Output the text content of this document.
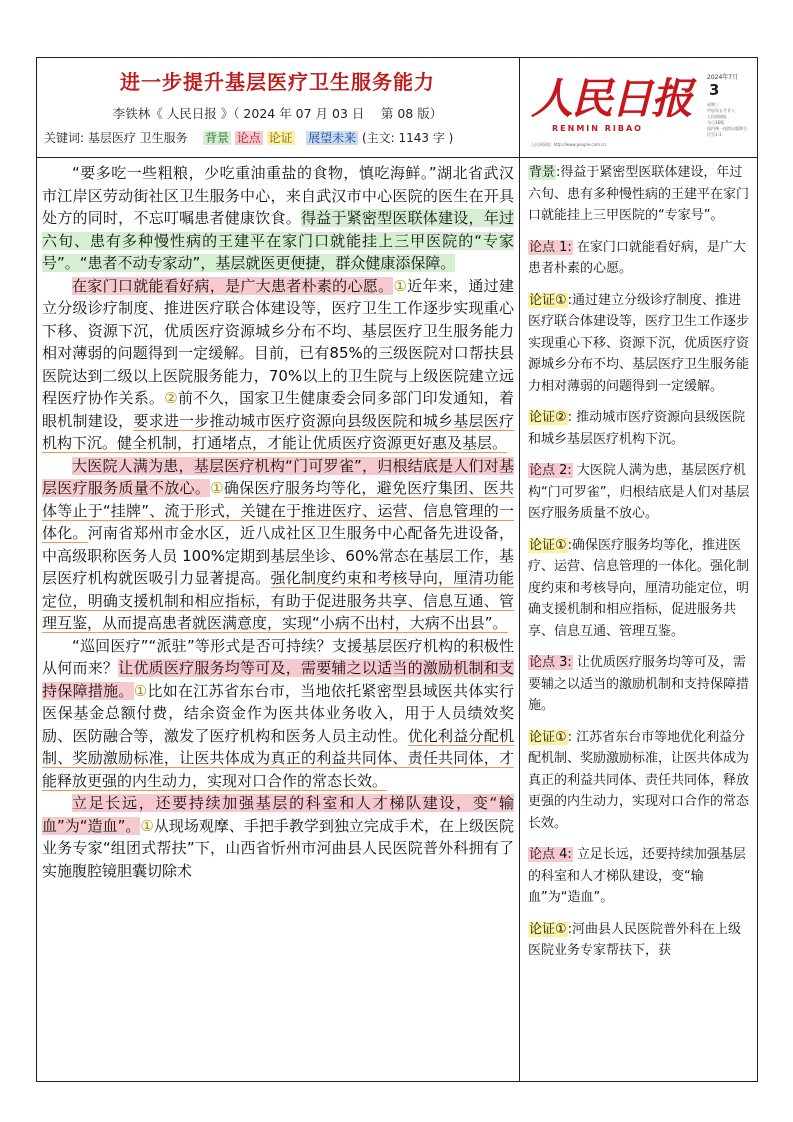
进一步提升基层医疗卫生服务能力
李铁林《 人民日报 》（ 2024 年 07 月 03 日　 第 08 版）
关键词: 基层医疗 卫生服务 背景 论点 论证 展望未来 (主文: 1143 字 )
人民日报
RENMIN RIBAO
2024年7月
3
星期三
甲辰年五月廿八
人民网网址
今日16版
国内统一连续出版物号
代号1-1
人民网网址: http://www.people.com.cn

“要多吃一些粗粮，少吃重油重盐的食物，慎吃海鲜。”湖北省武汉市江岸区劳动街社区卫生服务中心，来自武汉市中心医院的医生在开具处方的同时，不忘叮嘱患者健康饮食。得益于紧密型医联体建设，年过六旬、患有多种慢性病的王建平在家门口就能挂上三甲医院的“专家号”。“患者不动专家动”，基层就医更便捷，群众健康添保障。

在家门口就能看好病，是广大患者朴素的心愿。①近年来，通过建立分级诊疗制度、推进医疗联合体建设等，医疗卫生工作逐步实现重心下移、资源下沉，优质医疗资源城乡分布不均、基层医疗卫生服务能力相对薄弱的问题得到一定缓解。目前，已有85%的三级医院对口帮扶县医院达到二级以上医院服务能力，70%以上的卫生院与上级医院建立远程医疗协作关系。②前不久，国家卫生健康委会同多部门印发通知，着眼机制建设，要求进一步推动城市医疗资源向县级医院和城乡基层医疗机构下沉。健全机制，打通堵点，才能让优质医疗资源更好惠及基层。

大医院人满为患，基层医疗机构“门可罗雀”，归根结底是人们对基层医疗服务质量不放心。①确保医疗服务均等化，避免医疗集团、医共体等止于“挂牌”、流于形式，关键在于推进医疗、运营、信息管理的一体化。河南省郑州市金水区，近八成社区卫生服务中心配备先进设备，中高级职称医务人员 100%定期到基层坐诊、60%常态在基层工作，基层医疗机构就医吸引力显著提高。强化制度约束和考核导向，厘清功能定位，明确支援机制和相应指标，有助于促进服务共享、信息互通、管理互鉴，从而提高患者就医满意度，实现“小病不出村，大病不出县”。

“巡回医疗”“派驻”等形式是否可持续？支援基层医疗机构的积极性从何而来？让优质医疗服务均等可及，需要辅之以适当的激励机制和支持保障措施。①比如在江苏省东台市，当地依托紧密型县域医共体实行医保基金总额付费，结余资金作为医共体业务收入，用于人员绩效奖励、医防融合等，激发了医疗机构和医务人员主动性。优化利益分配机制、奖励激励标准，让医共体成为真正的利益共同体、责任共同体，才能释放更强的内生动力，实现对口合作的常态长效。

立足长远，还要持续加强基层的科室和人才梯队建设，变“输血”为“造血”。①从现场观摩、手把手教学到独立完成手术，在上级医院业务专家“组团式帮扶”下，山西省忻州市河曲县人民医院普外科拥有了实施腹腔镜胆囊切除术

背景:得益于紧密型医联体建设，年过六旬、患有多种慢性病的王建平在家门口就能挂上三甲医院的“专家号”。
论点 1: 在家门口就能看好病，是广大患者朴素的心愿。
论证①:通过建立分级诊疗制度、推进医疗联合体建设等，医疗卫生工作逐步实现重心下移、资源下沉，优质医疗资源城乡分布不均、基层医疗卫生服务能力相对薄弱的问题得到一定缓解。
论证②: 推动城市医疗资源向县级医院和城乡基层医疗机构下沉。
论点 2: 大医院人满为患，基层医疗机构“门可罗雀”，归根结底是人们对基层医疗服务质量不放心。
论证①:确保医疗服务均等化，推进医疗、运营、信息管理的一体化。强化制度约束和考核导向，厘清功能定位，明确支援机制和相应指标，促进服务共享、信息互通、管理互鉴。
论点 3: 让优质医疗服务均等可及，需要辅之以适当的激励机制和支持保障措施。
论证①: 江苏省东台市等地优化利益分配机制、奖励激励标准，让医共体成为真正的利益共同体、责任共同体，释放更强的内生动力，实现对口合作的常态长效。
论点 4: 立足长远，还要持续加强基层的科室和人才梯队建设，变“输血”为“造血”。
论证①:河曲县人民医院普外科在上级医院业务专家帮扶下，获
